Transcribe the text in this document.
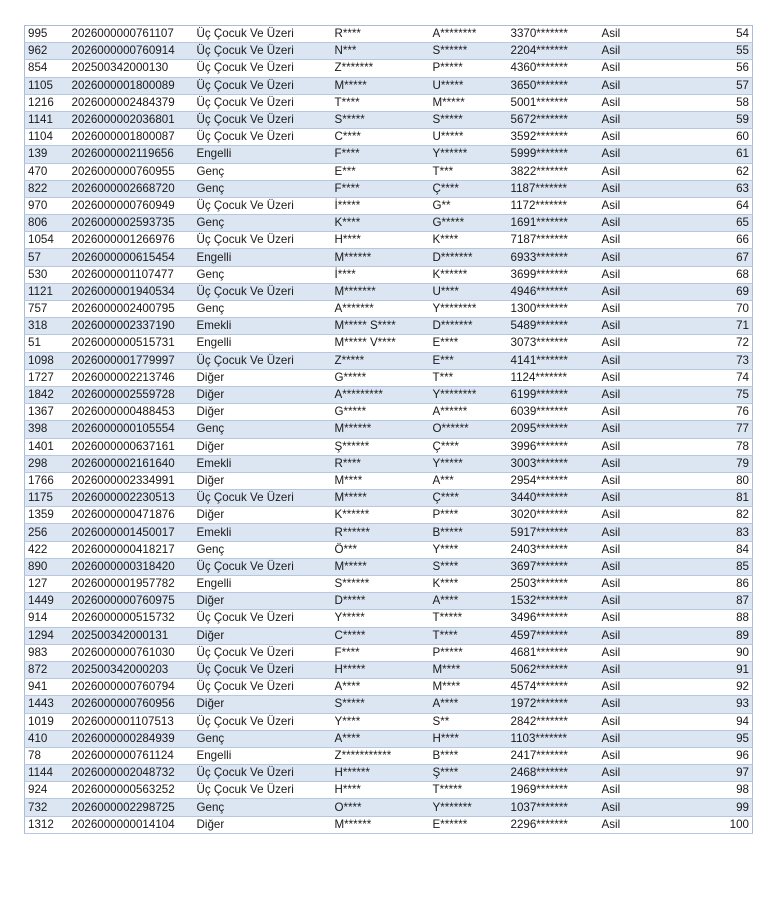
995	2026000000761107	Üç Çocuk Ve Üzeri	R****	A********	3370*******	Asil	54
962	2026000000760914	Üç Çocuk Ve Üzeri	N***	S******	2204*******	Asil	55
854	202500342000130	Üç Çocuk Ve Üzeri	Z*******	P*****	4360*******	Asil	56
1105	2026000001800089	Üç Çocuk Ve Üzeri	M*****	U*****	3650*******	Asil	57
1216	2026000002484379	Üç Çocuk Ve Üzeri	T****	M*****	5001*******	Asil	58
1141	2026000002036801	Üç Çocuk Ve Üzeri	S*****	S*****	5672*******	Asil	59
1104	2026000001800087	Üç Çocuk Ve Üzeri	C****	U*****	3592*******	Asil	60
139	2026000002119656	Engelli	F****	Y******	5999*******	Asil	61
470	2026000000760955	Genç	E***	T***	3822*******	Asil	62
822	2026000002668720	Genç	F****	Ç****	1187*******	Asil	63
970	2026000000760949	Üç Çocuk Ve Üzeri	İ*****	G**	1172*******	Asil	64
806	2026000002593735	Genç	K****	G*****	1691*******	Asil	65
1054	2026000001266976	Üç Çocuk Ve Üzeri	H****	K****	7187*******	Asil	66
57	2026000000615454	Engelli	M******	D*******	6933*******	Asil	67
530	2026000001107477	Genç	İ****	K******	3699*******	Asil	68
1121	2026000001940534	Üç Çocuk Ve Üzeri	M*******	U****	4946*******	Asil	69
757	2026000002400795	Genç	A*******	Y********	1300*******	Asil	70
318	2026000002337190	Emekli	M***** S****	D*******	5489*******	Asil	71
51	2026000000515731	Engelli	M***** V****	E****	3073*******	Asil	72
1098	2026000001779997	Üç Çocuk Ve Üzeri	Z*****	E***	4141*******	Asil	73
1727	2026000002213746	Diğer	G*****	T***	1124*******	Asil	74
1842	2026000002559728	Diğer	A*********	Y********	6199*******	Asil	75
1367	2026000000488453	Diğer	G*****	A******	6039*******	Asil	76
398	2026000000105554	Genç	M******	O******	2095*******	Asil	77
1401	2026000000637161	Diğer	Ş******	Ç****	3996*******	Asil	78
298	2026000002161640	Emekli	R****	Y*****	3003*******	Asil	79
1766	2026000002334991	Diğer	M****	A***	2954*******	Asil	80
1175	2026000002230513	Üç Çocuk Ve Üzeri	M*****	Ç****	3440*******	Asil	81
1359	2026000000471876	Diğer	K******	P****	3020*******	Asil	82
256	2026000001450017	Emekli	R******	B*****	5917*******	Asil	83
422	2026000000418217	Genç	Ö***	Y****	2403*******	Asil	84
890	2026000000318420	Üç Çocuk Ve Üzeri	M*****	S****	3697*******	Asil	85
127	2026000001957782	Engelli	S******	K****	2503*******	Asil	86
1449	2026000000760975	Diğer	D*****	A****	1532*******	Asil	87
914	2026000000515732	Üç Çocuk Ve Üzeri	Y*****	T*****	3496*******	Asil	88
1294	202500342000131	Diğer	C*****	T****	4597*******	Asil	89
983	2026000000761030	Üç Çocuk Ve Üzeri	F****	P*****	4681*******	Asil	90
872	202500342000203	Üç Çocuk Ve Üzeri	H*****	M****	5062*******	Asil	91
941	2026000000760794	Üç Çocuk Ve Üzeri	A****	M****	4574*******	Asil	92
1443	2026000000760956	Diğer	S*****	A****	1972*******	Asil	93
1019	2026000001107513	Üç Çocuk Ve Üzeri	Y****	S**	2842*******	Asil	94
410	2026000000284939	Genç	A****	H****	1103*******	Asil	95
78	2026000000761124	Engelli	Z***********	B****	2417*******	Asil	96
1144	2026000002048732	Üç Çocuk Ve Üzeri	H******	Ş****	2468*******	Asil	97
924	2026000000563252	Üç Çocuk Ve Üzeri	H****	T*****	1969*******	Asil	98
732	2026000002298725	Genç	O****	Y*******	1037*******	Asil	99
1312	2026000000014104	Diğer	M******	E******	2296*******	Asil	100
